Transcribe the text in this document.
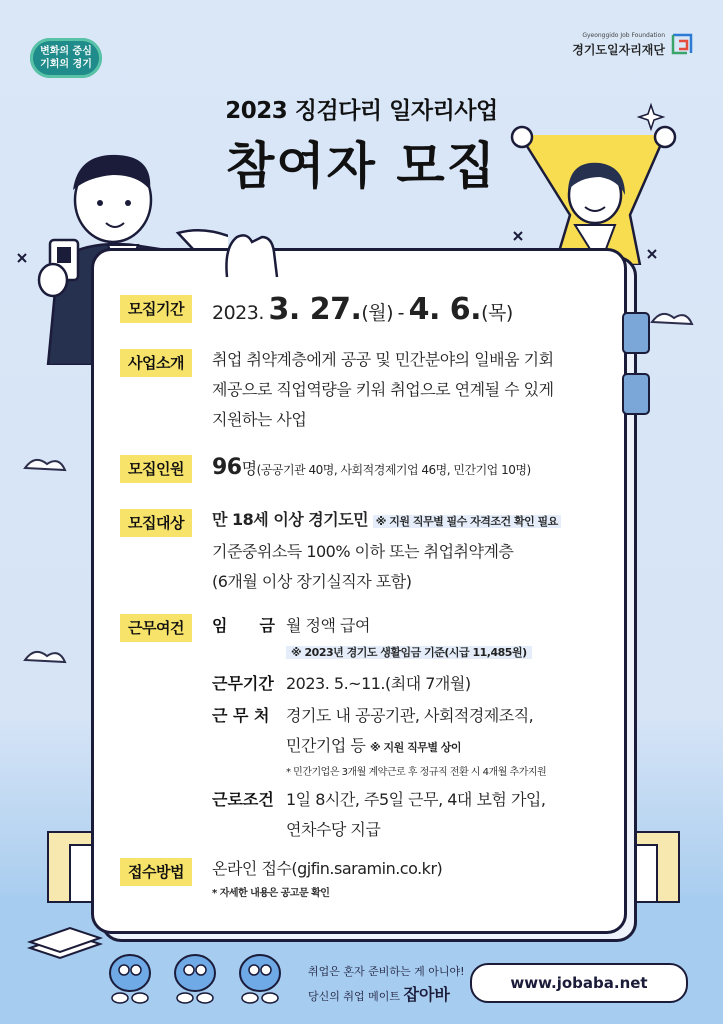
변화의 중심
기회의 경기
Gyeonggido Job Foundation
경기도일자리재단
2023 징검다리 일자리사업
참여자 모집
모집기간	2023. 3. 27.(월) - 4. 6.(목)
사업소개	취업 취약계층에게 공공 및 민간분야의 일배움 기회
제공으로 직업역량을 키워 취업으로 연계될 수 있게
지원하는 사업
모집인원	96명(공공기관 40명, 사회적경제기업 46명, 민간기업 10명)
모집대상	만 18세 이상 경기도민 ※ 지원 직무별 필수 자격조건 확인 필요
기준중위소득 100% 이하 또는 취업취약계층
(6개월 이상 장기실직자 포함)
근무여건	임　　금 월 정액 급여
※ 2023년 경기도 생활임금 기준(시급 11,485원)
근무기간 2023. 5.~11.(최대 7개월)
근 무 처 경기도 내 공공기관, 사회적경제조직,
민간기업 등 ※ 지원 직무별 상이
* 민간기업은 3개월 계약근로 후 정규직 전환 시 4개월 추가지원
근로조건 1일 8시간, 주5일 근무, 4대 보험 가입,
연차수당 지급
접수방법	온라인 접수(gjfin.saramin.co.kr)
* 자세한 내용은 공고문 확인
취업은 혼자 준비하는 게 아니야!
당신의 취업 메이트 잡아바
www.jobaba.net
